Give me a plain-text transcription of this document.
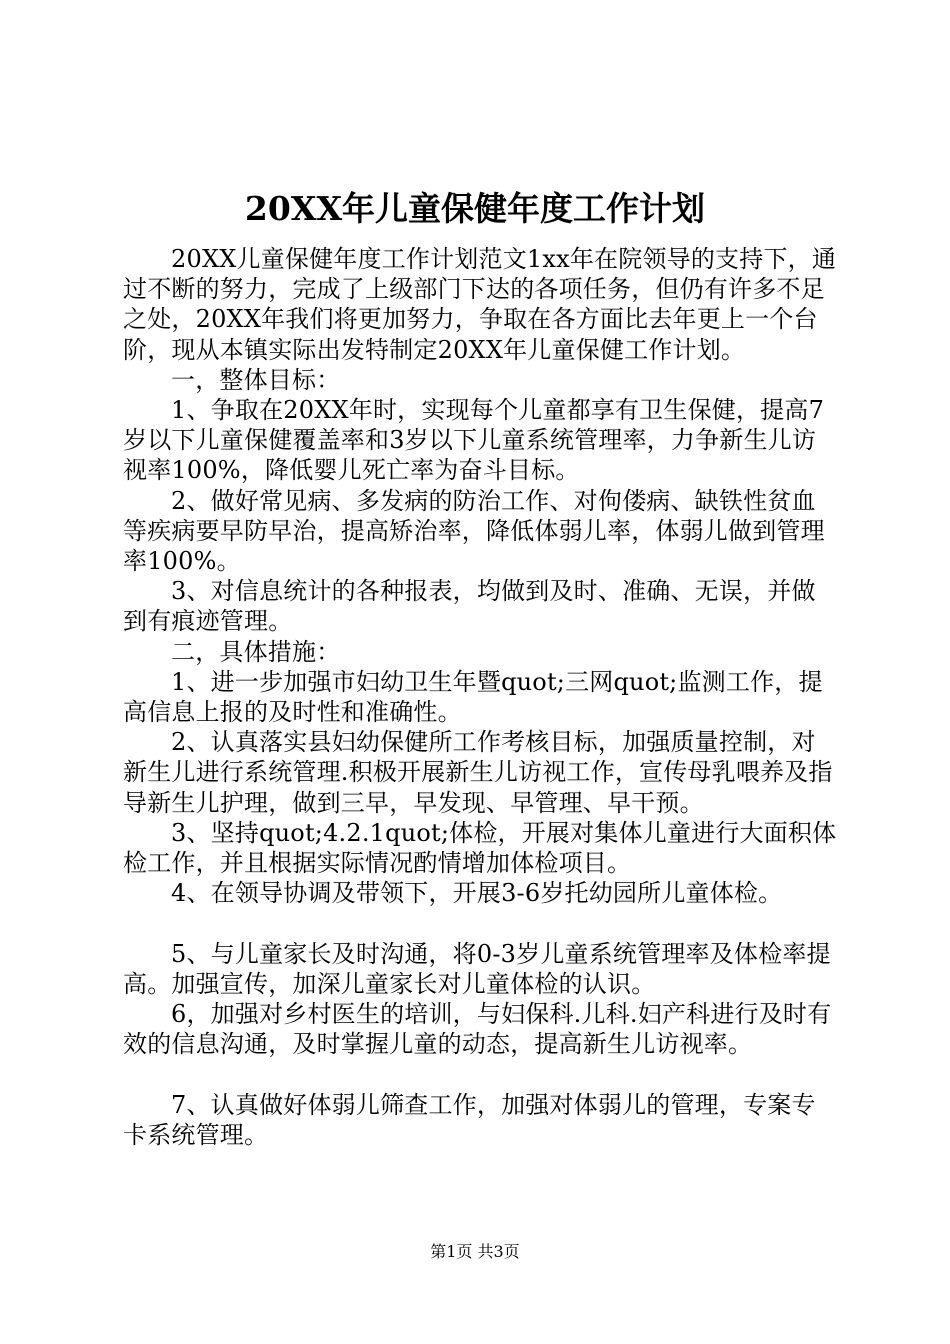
20XX年儿童保健年度工作计划

20XX儿童保健年度工作计划范文1xx年在院领导的支持下，通过不断的努力，完成了上级部门下达的各项任务，但仍有许多不足之处，20XX年我们将更加努力，争取在各方面比去年更上一个台阶，现从本镇实际出发特制定20XX年儿童保健工作计划。

一，整体目标：

1、争取在20XX年时，实现每个儿童都享有卫生保健，提高7岁以下儿童保健覆盖率和3岁以下儿童系统管理率，力争新生儿访视率100%，降低婴儿死亡率为奋斗目标。

2、做好常见病、多发病的防治工作、对佝偻病、缺铁性贫血等疾病要早防早治，提高矫治率，降低体弱儿率，体弱儿做到管理率100%。

3、对信息统计的各种报表，均做到及时、准确、无误，并做到有痕迹管理。

二，具体措施：

1、进一步加强市妇幼卫生年暨quot;三网quot;监测工作，提高信息上报的及时性和准确性。

2、认真落实县妇幼保健所工作考核目标，加强质量控制，对新生儿进行系统管理.积极开展新生儿访视工作，宣传母乳喂养及指导新生儿护理，做到三早，早发现、早管理、早干预。

3、坚持quot;4.2.1quot;体检，开展对集体儿童进行大面积体检工作，并且根据实际情况酌情增加体检项目。

4、在领导协调及带领下，开展3-6岁托幼园所儿童体检。

5、与儿童家长及时沟通，将0-3岁儿童系统管理率及体检率提高。加强宣传，加深儿童家长对儿童体检的认识。

6，加强对乡村医生的培训，与妇保科.儿科.妇产科进行及时有效的信息沟通，及时掌握儿童的动态，提高新生儿访视率。

7、认真做好体弱儿筛查工作，加强对体弱儿的管理，专案专卡系统管理。

第1页 共3页
